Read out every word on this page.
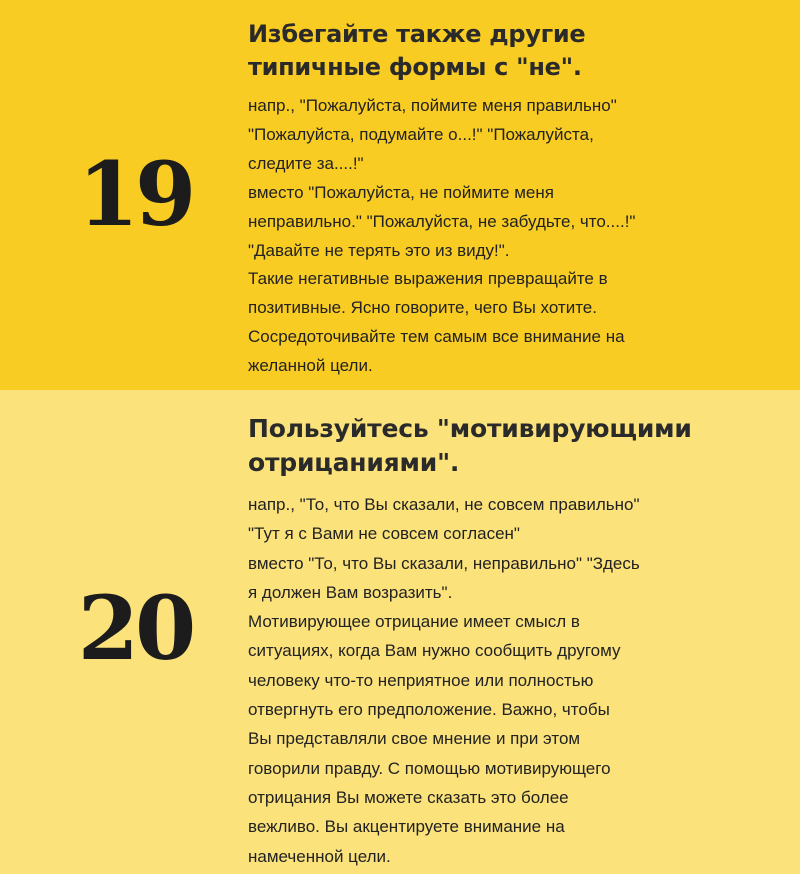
19
Избегайте также другие
типичные формы с "не".
напр., "Пожалуйста, поймите меня правильно"
"Пожалуйста, подумайте о...!" "Пожалуйста,
следите за....!"
вместо "Пожалуйста, не поймите меня
неправильно." "Пожалуйста, не забудьте, что....!"
"Давайте не терять это из виду!".
Такие негативные выражения превращайте в
позитивные. Ясно говорите, чего Вы хотите.
Сосредоточивайте тем самым все внимание на
желанной цели.
20
Пользуйтесь "мотивирующими
отрицаниями".
напр., "То, что Вы сказали, не совсем правильно"
"Тут я с Вами не совсем согласен"
вместо "То, что Вы сказали, неправильно" "Здесь
я должен Вам возразить".
Мотивирующее отрицание имеет смысл в
ситуациях, когда Вам нужно сообщить другому
человеку что-то неприятное или полностью
отвергнуть его предположение. Важно, чтобы
Вы представляли свое мнение и при этом
говорили правду. С помощью мотивирующего
отрицания Вы можете сказать это более
вежливо. Вы акцентируете внимание на
намеченной цели.
